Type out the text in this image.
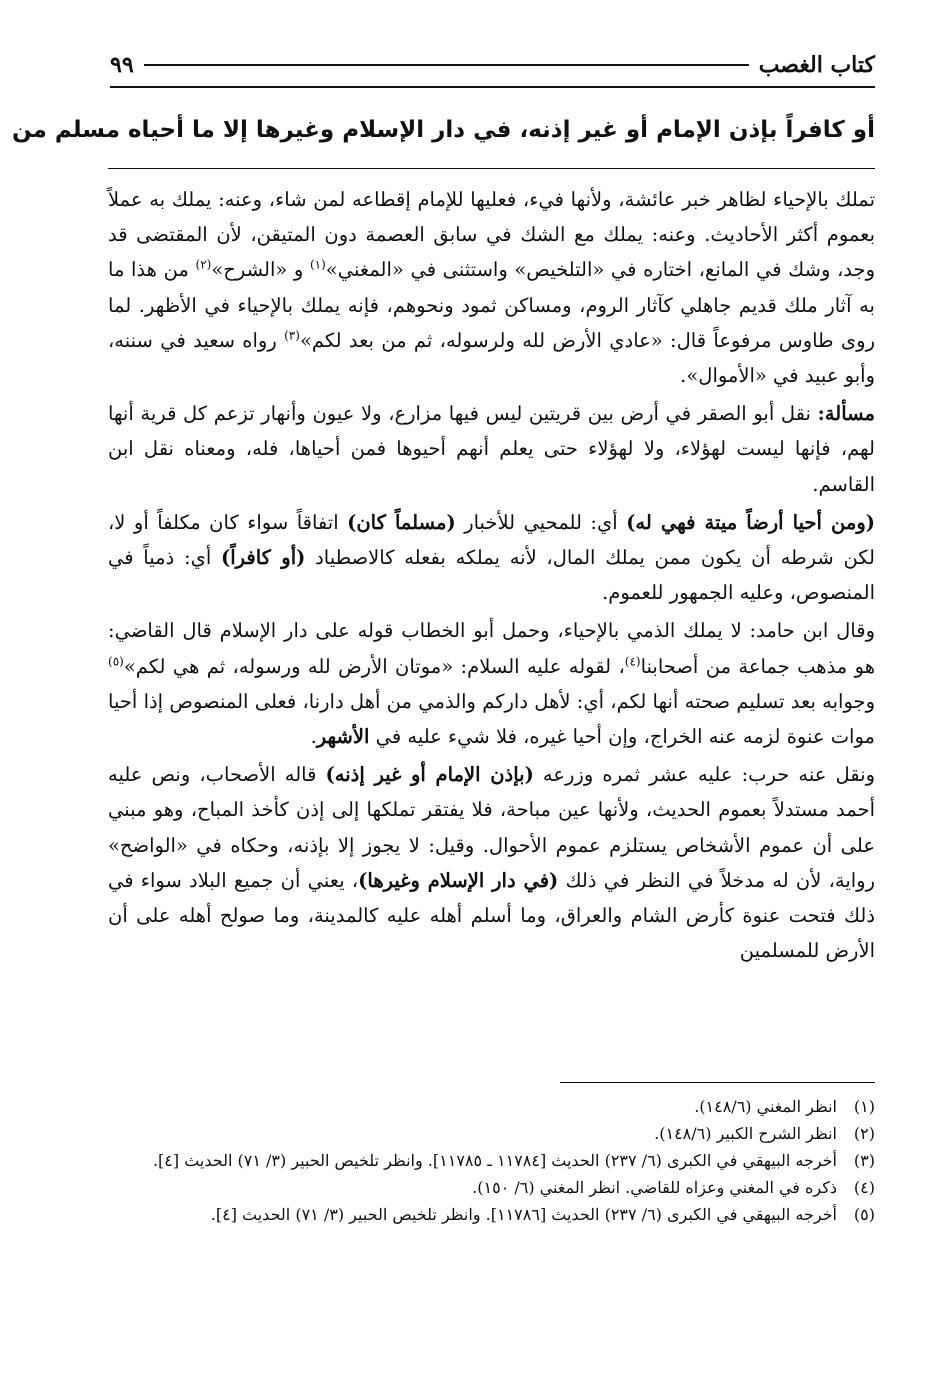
كتاب الغصب
٩٩
أو كافراً بإذن الإمام أو غير إذنه، في دار الإسلام وغيرها إلا ما أحياه مسلم من

تملك بالإحياء لظاهر خبر عائشة، ولأنها فيء، فعليها للإمام إقطاعه لمن شاء، وعنه: يملك به عملاً بعموم أكثر الأحاديث. وعنه: يملك مع الشك في سابق العصمة دون المتيقن، لأن المقتضى قد وجد، وشك في المانع، اختاره في «التلخيص» واستثنى في «المغني»$^{(١)}$ و «الشرح»$^{(٢)}$ من هذا ما به آثار ملك قديم جاهلي كآثار الروم، ومساكن ثمود ونحوهم، فإنه يملك بالإحياء في الأظهر. لما روى طاوس مرفوعاً قال: «عادي الأرض لله ولرسوله، ثم من بعد لكم»$^{(٣)}$ رواه سعيد في سننه، وأبو عبيد في «الأموال».

مسألة: نقل أبو الصقر في أرض بين قريتين ليس فيها مزارع، ولا عيون وأنهار تزعم كل قرية أنها لهم، فإنها ليست لهؤلاء، ولا لهؤلاء حتى يعلم أنهم أحيوها فمن أحياها، فله، ومعناه نقل ابن القاسم.

(ومن أحيا أرضاً ميتة فهي له) أي: للمحيي للأخبار (مسلماً كان) اتفاقاً سواء كان مكلفاً أو لا، لكن شرطه أن يكون ممن يملك المال، لأنه يملكه بفعله كالاصطياد (أو كافراً) أي: ذمياً في المنصوص، وعليه الجمهور للعموم.

وقال ابن حامد: لا يملك الذمي بالإحياء، وحمل أبو الخطاب قوله على دار الإسلام قال القاضي: هو مذهب جماعة من أصحابنا$^{(٤)}$، لقوله عليه السلام: «موتان الأرض لله ورسوله، ثم هي لكم»$^{(٥)}$ وجوابه بعد تسليم صحته أنها لكم، أي: لأهل داركم والذمي من أهل دارنا، فعلى المنصوص إذا أحيا موات عنوة لزمه عنه الخراج، وإن أحيا غيره، فلا شيء عليه في الأشهر.

ونقل عنه حرب: عليه عشر ثمره وزرعه (بإذن الإمام أو غير إذنه) قاله الأصحاب، ونص عليه أحمد مستدلاً بعموم الحديث، ولأنها عين مباحة، فلا يفتقر تملكها إلى إذن كأخذ المباح، وهو مبني على أن عموم الأشخاص يستلزم عموم الأحوال. وقيل: لا يجوز إلا بإذنه، وحكاه في «الواضح» رواية، لأن له مدخلاً في النظر في ذلك (في دار الإسلام وغيرها)، يعني أن جميع البلاد سواء في ذلك فتحت عنوة كأرض الشام والعراق، وما أسلم أهله عليه كالمدينة، وما صولح أهله على أن الأرض للمسلمين

(١)
انظر المغني (١٤٨/٦).
(٢)
انظر الشرح الكبير (١٤٨/٦).
(٣)
أخرجه البيهقي في الكبرى (٦/ ٢٣٧) الحديث [١١٧٨٤ ـ ١١٧٨٥]. وانظر تلخيص الحبير (٣/ ٧١) الحديث [٤].
(٤)
ذكره في المغني وعزاه للقاضي. انظر المغني (٦/ ١٥٠).
(٥)
أخرجه البيهقي في الكبرى (٦/ ٢٣٧) الحديث [١١٧٨٦]. وانظر تلخيص الحبير (٣/ ٧١) الحديث [٤].
